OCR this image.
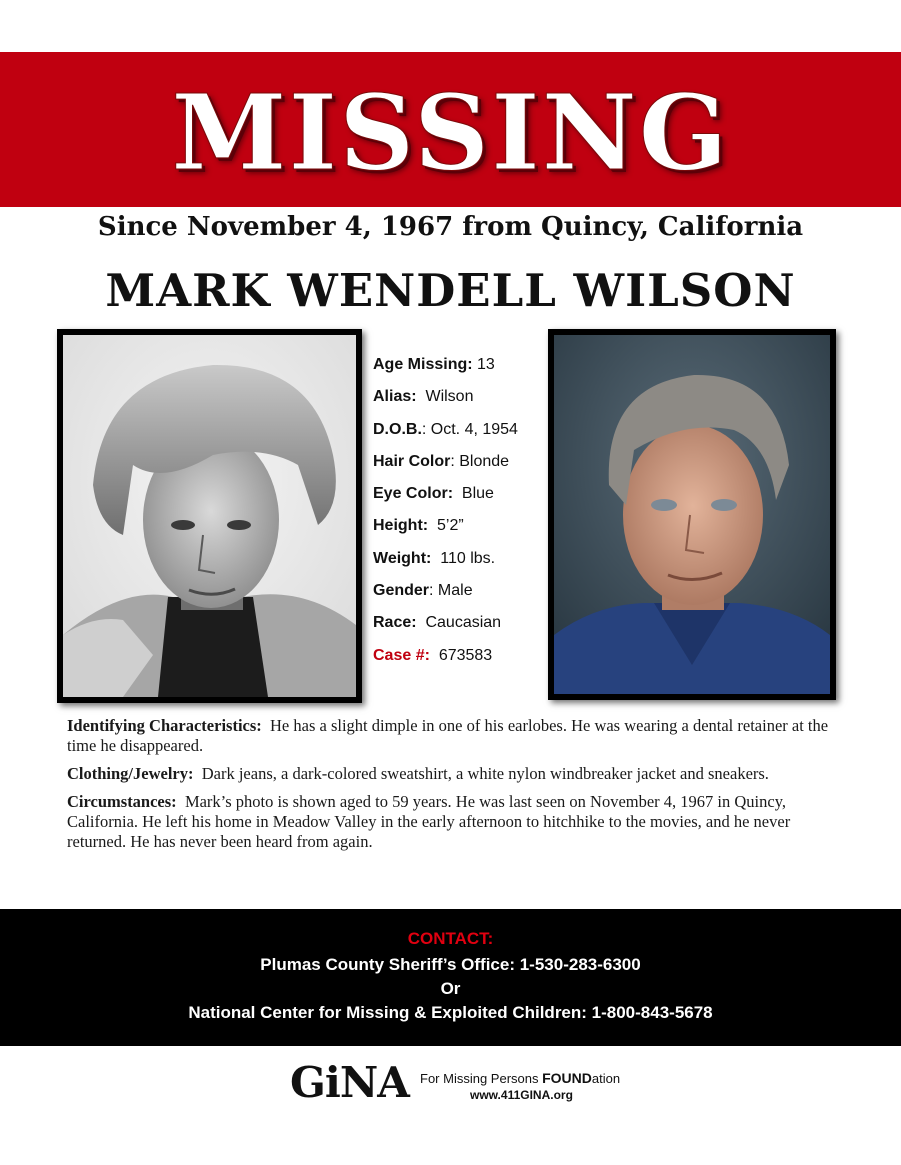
MISSING
Since November 4, 1967 from Quincy, California
MARK WENDELL WILSON
Age Missing: 13
Alias: Wilson
D.O.B.: Oct. 4, 1954
Hair Color: Blonde
Eye Color: Blue
Height: 5’2”
Weight: 110 lbs.
Gender: Male
Race: Caucasian
Case #: 673583

Identifying Characteristics: He has a slight dimple in one of his earlobes. He was wearing a dental retainer at the time he disappeared.

Clothing/Jewelry: Dark jeans, a dark-colored sweatshirt, a white nylon windbreaker jacket and sneakers.

Circumstances: Mark’s photo is shown aged to 59 years. He was last seen on November 4, 1967 in Quincy, California. He left his home in Meadow Valley in the early afternoon to hitchhike to the movies, and he never returned. He has never been heard from again.

CONTACT:
Plumas County Sheriff’s Office: 1-530-283-6300
Or
National Center for Missing & Exploited Children: 1-800-843-5678
GiNA For Missing Persons FOUNDation
www.411GINA.org
